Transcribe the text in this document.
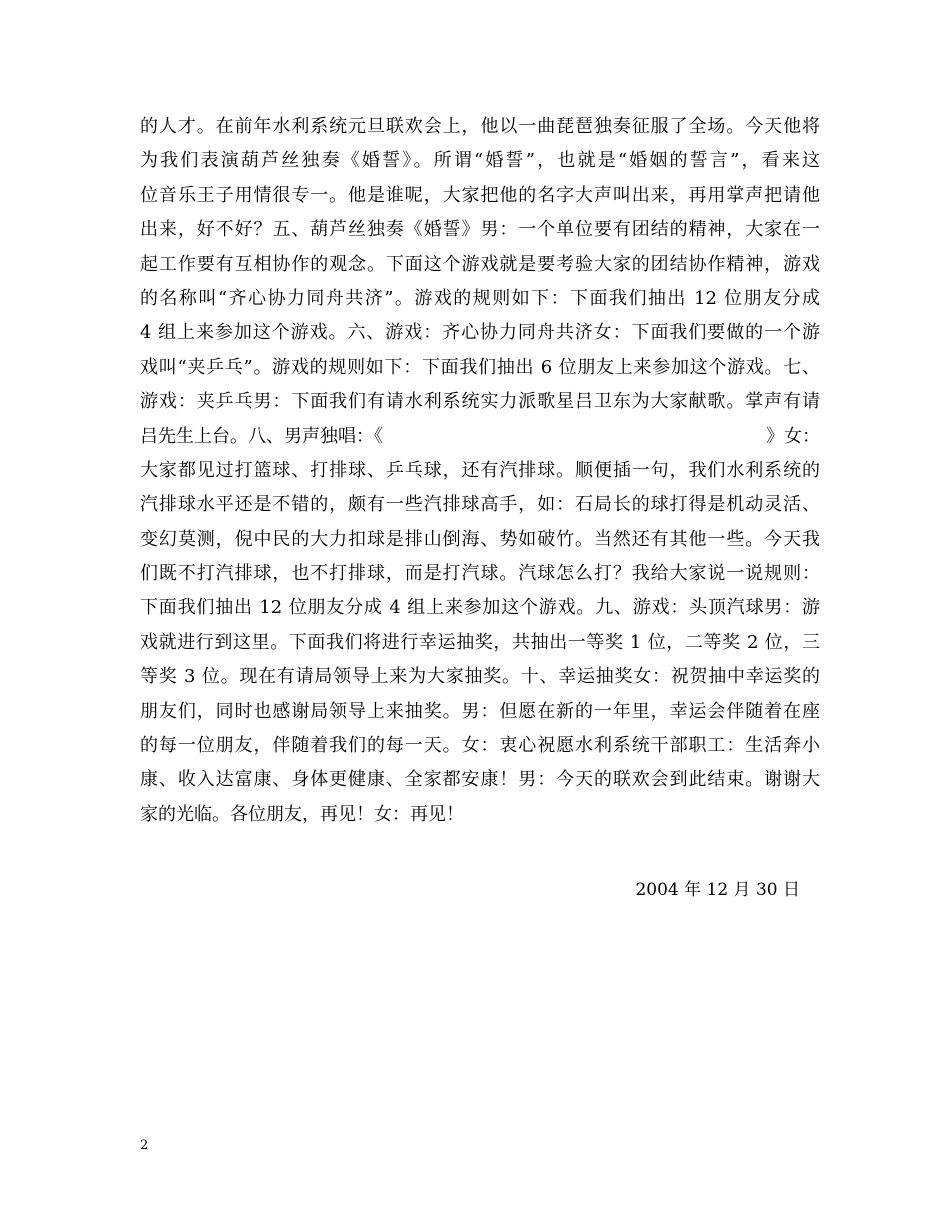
的人才。在前年水利系统元旦联欢会上，他以一曲琵琶独奏征服了全场。今天他将
为我们表演葫芦丝独奏《婚誓》。所谓“婚誓”，也就是“婚姻的誓言”，看来这
位音乐王子用情很专一。他是谁呢，大家把他的名字大声叫出来，再用掌声把请他
出来，好不好？五、葫芦丝独奏《婚誓》男：一个单位要有团结的精神，大家在一
起工作要有互相协作的观念。下面这个游戏就是要考验大家的团结协作精神，游戏
的名称叫“齐心协力同舟共济”。游戏的规则如下：下面我们抽出 12 位朋友分成
4 组上来参加这个游戏。六、游戏：齐心协力同舟共济女：下面我们要做的一个游
戏叫“夹乒乓”。游戏的规则如下：下面我们抽出 6 位朋友上来参加这个游戏。七、
游戏：夹乒乓男：下面我们有请水利系统实力派歌星吕卫东为大家献歌。掌声有请
吕先生上台。八、男声独唱：《	》女：
大家都见过打篮球、打排球、乒乓球，还有汽排球。顺便插一句，我们水利系统的
汽排球水平还是不错的，颇有一些汽排球高手，如：石局长的球打得是机动灵活、
变幻莫测，倪中民的大力扣球是排山倒海、势如破竹。当然还有其他一些。今天我
们既不打汽排球，也不打排球，而是打汽球。汽球怎么打？我给大家说一说规则：
下面我们抽出 12 位朋友分成 4 组上来参加这个游戏。九、游戏：头顶汽球男：游
戏就进行到这里。下面我们将进行幸运抽奖，共抽出一等奖 1 位，二等奖 2 位，三
等奖 3 位。现在有请局领导上来为大家抽奖。十、幸运抽奖女：祝贺抽中幸运奖的
朋友们，同时也感谢局领导上来抽奖。男：但愿在新的一年里，幸运会伴随着在座
的每一位朋友，伴随着我们的每一天。女：衷心祝愿水利系统干部职工：生活奔小
康、收入达富康、身体更健康、全家都安康！男：今天的联欢会到此结束。谢谢大
家的光临。各位朋友，再见！女：再见！
2004 年 12 月 30 日
2
